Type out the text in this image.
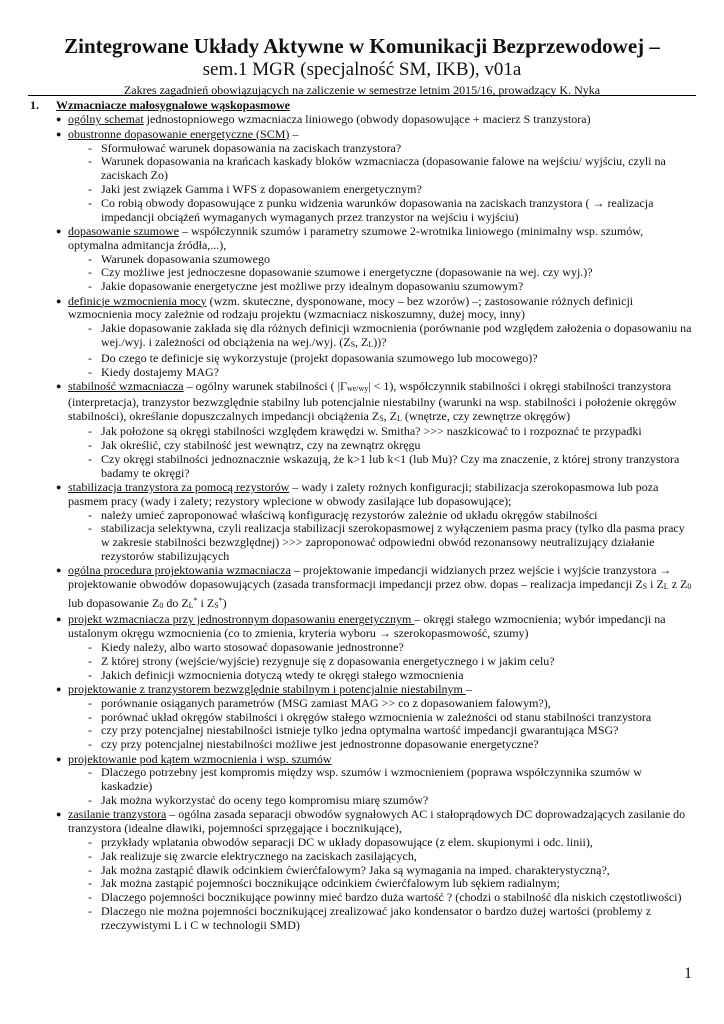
Zintegrowane Układy Aktywne w Komunikacji Bezprzewodowej –
sem.1 MGR (specjalność SM, IKB), v01a
Zakres zagadnień obowiązujących na zaliczenie w semestrze letnim 2015/16, prowadzący K. Nyka
1.	Wzmacniacze małosygnałowe wąskopasmowe
● ogólny schemat jednostopniowego wzmacniacza liniowego (obwody dopasowujące + macierz S tranzystora)
● obustronne dopasowanie energetyczne (SCM) –
- Sformułować warunek dopasowania na zaciskach tranzystora?
- Warunek dopasowania na krańcach kaskady bloków wzmacniacza (dopasowanie falowe na wejściu/ wyjściu, czyli na zaciskach Zo)
- Jaki jest związek Gamma i WFS z dopasowaniem energetycznym?
- Co robią obwody dopasowujące z punku widzenia warunków dopasowania na zaciskach tranzystora ( → realizacja impedancji obciążeń wymaganych wymaganych przez tranzystor na wejściu i wyjściu)
● dopasowanie szumowe – współczynnik szumów i parametry szumowe 2-wrotnika liniowego (minimalny wsp. szumów, optymalna admitancja źródła,...),
- Warunek dopasowania szumowego
- Czy możliwe jest jednoczesne dopasowanie szumowe i energetyczne (dopasowanie na wej. czy wyj.)?
- Jakie dopasowanie energetyczne jest możliwe przy idealnym dopasowaniu szumowym?
● definicje wzmocnienia mocy (wzm. skuteczne, dysponowane, mocy – bez wzorów) –; zastosowanie różnych definicji wzmocnienia mocy zależnie od rodzaju projektu (wzmacniacz niskoszumny, dużej mocy, inny)
- Jakie dopasowanie zakłada się dla różnych definicji wzmocnienia (porównanie pod względem założenia o dopasowaniu na wej./wyj. i zależności od obciążenia na wej./wyj. (ZS, ZL))?
- Do czego te definicje się wykorzystuje (projekt dopasowania szumowego lub mocowego)?
- Kiedy dostajemy MAG?
● stabilność wzmacniacza – ogólny warunek stabilności ( |Γwe/wy| < 1), współczynnik stabilności i okręgi stabilności tranzystora (interpretacja), tranzystor bezwzględnie stabilny lub potencjalnie niestabilny (warunki na wsp. stabilności i położenie okręgów stabilności), określanie dopuszczalnych impedancji obciążenia ZS, ZL (wnętrze, czy zewnętrze okręgów)
- Jak położone są okręgi stabilności względem krawędzi w. Smitha? >>> naszkicować to i rozpoznać te przypadki
- Jak określić, czy stabilność jest wewnątrz, czy na zewnątrz okręgu
- Czy okręgi stabilności jednoznacznie wskazują, że k>1 lub k<1 (lub Mu)? Czy ma znaczenie, z której strony tranzystora badamy te okręgi?
● stabilizacja tranzystora za pomocą rezystorów – wady i zalety rożnych konfiguracji; stabilizacja szerokopasmowa lub poza pasmem pracy (wady i zalety; rezystory wplecione w obwody zasilające lub dopasowujące);
- należy umieć zaproponować właściwą konfigurację rezystorów zależnie od układu okręgów stabilności
- stabilizacja selektywna, czyli realizacja stabilizacji szerokopasmowej z wyłączeniem pasma pracy (tylko dla pasma pracy w zakresie stabilności bezwzględnej) >>> zaproponować odpowiedni obwód rezonansowy neutralizujący działanie rezystorów stabilizujących
● ogólna procedura projektowania wzmacniacza – projektowanie impedancji widzianych przez wejście i wyjście tranzystora → projektowanie obwodów dopasowujących (zasada transformacji impedancji przez obw. dopas – realizacja impedancji ZS i ZL z Z0 lub dopasowanie Z0 do ZL* i ZS*)
● projekt wzmacniacza przy jednostronnym dopasowaniu energetycznym – okręgi stałego wzmocnienia; wybór impedancji na ustalonym okręgu wzmocnienia (co to zmienia, kryteria wyboru → szerokopasmowość, szumy)
- Kiedy należy, albo warto stosować dopasowanie jednostronne?
- Z której strony (wejście/wyjście) rezygnuje się z dopasowania energetycznego i w jakim celu?
- Jakich definicji wzmocnienia dotyczą wtedy te okręgi stałego wzmocnienia
● projektowanie z tranzystorem bezwzględnie stabilnym i potencjalnie niestabilnym –
- porównanie osiąganych parametrów (MSG zamiast MAG >> co z dopasowaniem falowym?),
- porównać układ okręgów stabilności i okręgów stałego wzmocnienia w zależności od stanu stabilności tranzystora
- czy przy potencjalnej niestabilności istnieje tylko jedna optymalna wartość impedancji gwarantująca MSG?
- czy przy potencjalnej niestabilności możliwe jest jednostronne dopasowanie energetyczne?
● projektowanie pod kątem wzmocnienia i wsp. szumów
- Dlaczego potrzebny jest kompromis między wsp. szumów i wzmocnieniem (poprawa współczynnika szumów w kaskadzie)
- Jak można wykorzystać do oceny tego kompromisu miarę szumów?
● zasilanie tranzystora – ogólna zasada separacji obwodów sygnałowych AC i stałoprądowych DC doprowadzających zasilanie do tranzystora (idealne dławiki, pojemności sprzęgające i bocznikujące),
- przykłady wplatania obwodów separacji DC w układy dopasowujące (z elem. skupionymi i odc. linii),
- Jak realizuje się zwarcie elektrycznego na zaciskach zasilających,
- Jak można zastąpić dławik odcinkiem ćwierćfalowym? Jaka są wymagania na imped. charakterystyczną?,
- Jak można zastąpić pojemności bocznikujące odcinkiem ćwierćfalowym lub sękiem radialnym;
- Dlaczego pojemności bocznikujące powinny mieć bardzo duża wartość ? (chodzi o stabilność dla niskich częstotliwości)
- Dlaczego nie można pojemności bocznikującej zrealizować jako kondensator o bardzo dużej wartości (problemy z rzeczywistymi L i C w technologii SMD)
1
